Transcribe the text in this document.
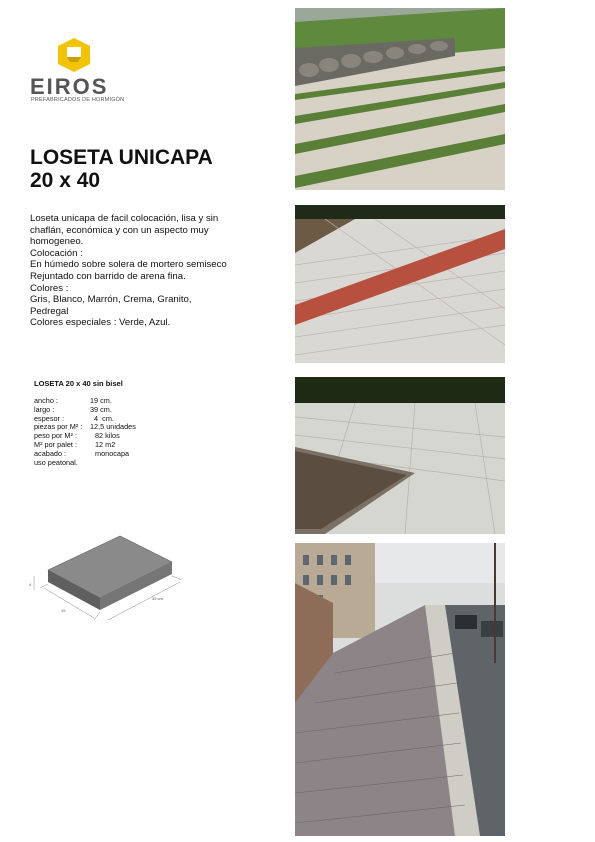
EIROS
PREFABRICADOS DE HORMIGÓN
LOSETA UNICAPA
20 x 40
Loseta unicapa de facil colocación, lisa y sin
chaflán, económica y con un aspecto muy
homogeneo.
Colocación :
En húmedo sobre solera de mortero semiseco
Rejuntado con barrido de arena fina.
Colores :
Gris, Blanco, Marrón, Crema, Granito,
Pedregal
Colores especiales : Verde, Azul.
LOSETA 20 x 40 sin bisel
ancho :	19 cm.
largo :	39 cm.
espesor :	4  cm.
piezas por M² :	12,5 unidades
peso por M² :	82 kilos
M² por palet :	12 m2
acabado :	monocapa
uso peatonal.
4
19
39 cm.
